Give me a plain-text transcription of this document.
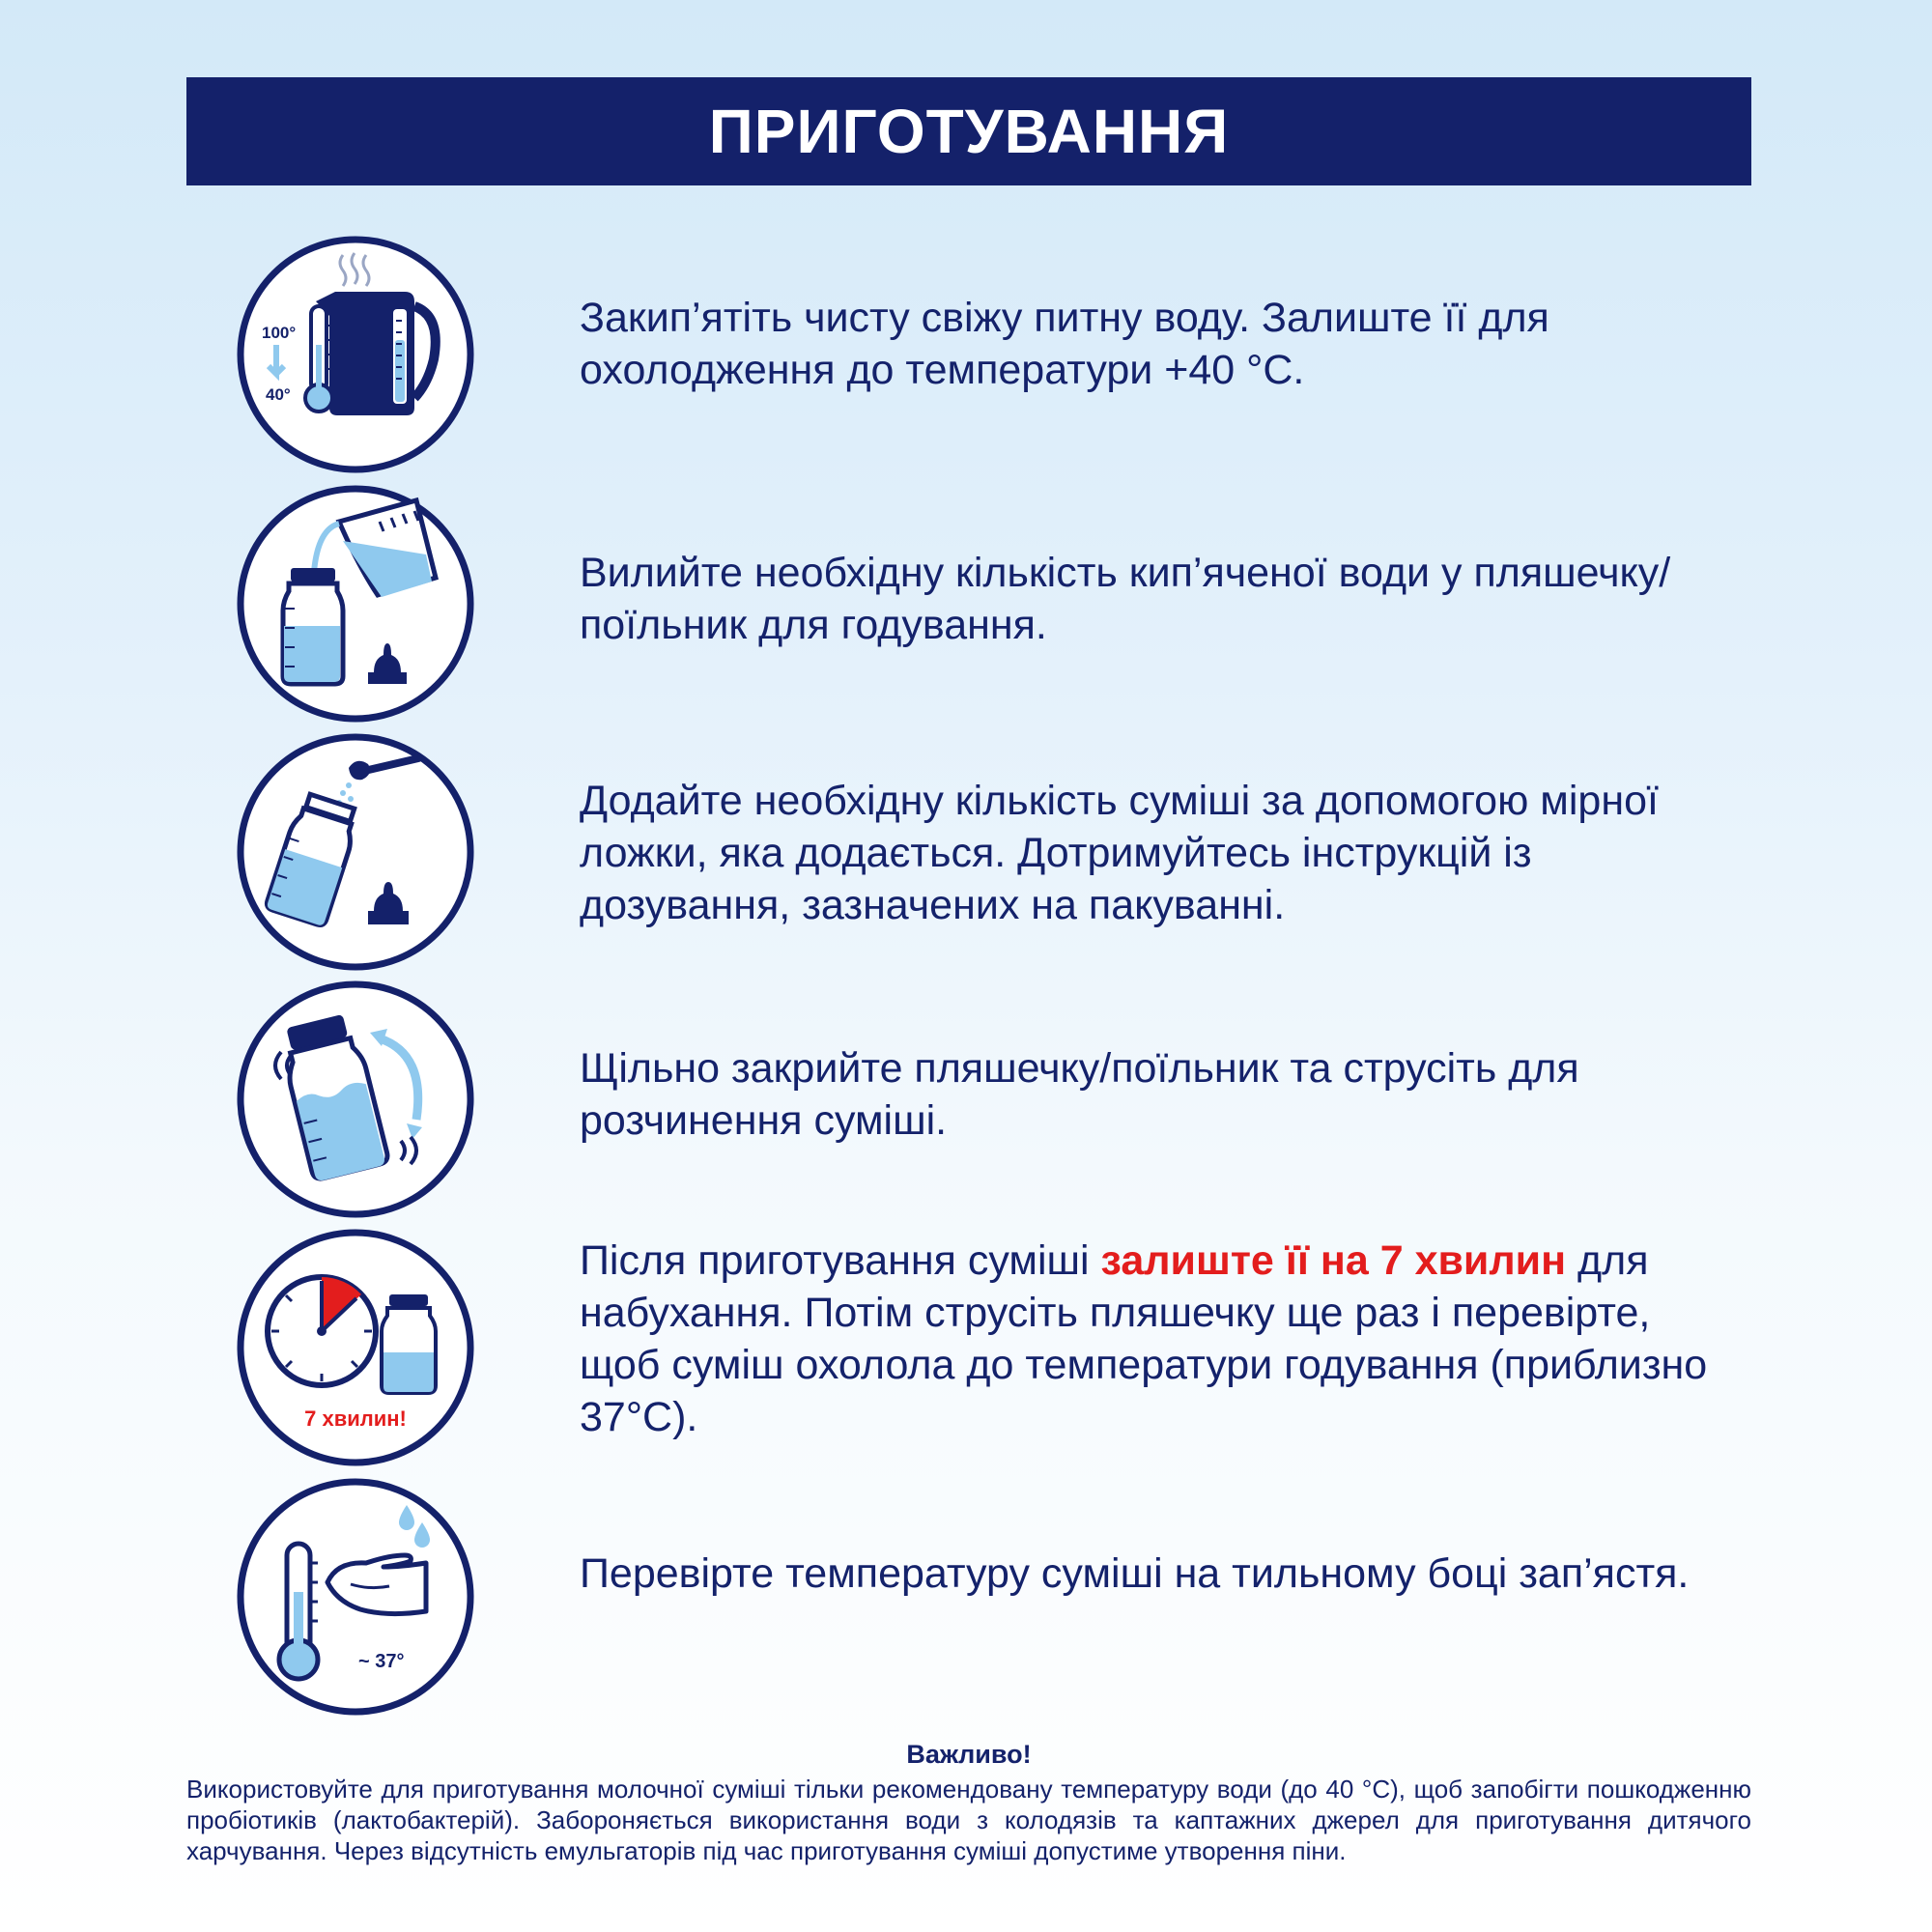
ПРИГОТУВАННЯ
100°
40°
Закип’ятіть чисту свіжу питну воду. Залиште її для охолодження до температури +40 °C.
Вилийте необхідну кількість кип’яченої води у пляшечку/поїльник для годування.
Додайте необхідну кількість суміші за допомогою мірної ложки, яка додається. Дотримуйтесь інструкцій із дозування, зазначених на пакуванні.
Щільно закрийте пляшечку/поїльник та струсіть для розчинення суміші.
7 хвилин!
Після приготування суміші залиште її на 7 хвилин для набухання. Потім струсіть пляшечку ще раз і перевірте, щоб суміш охолола до температури годування (приблизно 37°C).
~ 37°
Перевірте температуру суміші на тильному боці зап’ястя.
Важливо!
Використовуйте для приготування молочної суміші тільки рекомендовану температуру води (до 40 °С), щоб запобігти пошкодженню пробіотиків (лактобактерій). Забороняється використання води з колодязів та каптажних джерел для приготування дитячого харчування. Через відсутність емульгаторів під час приготування суміші допустиме утворення піни.
